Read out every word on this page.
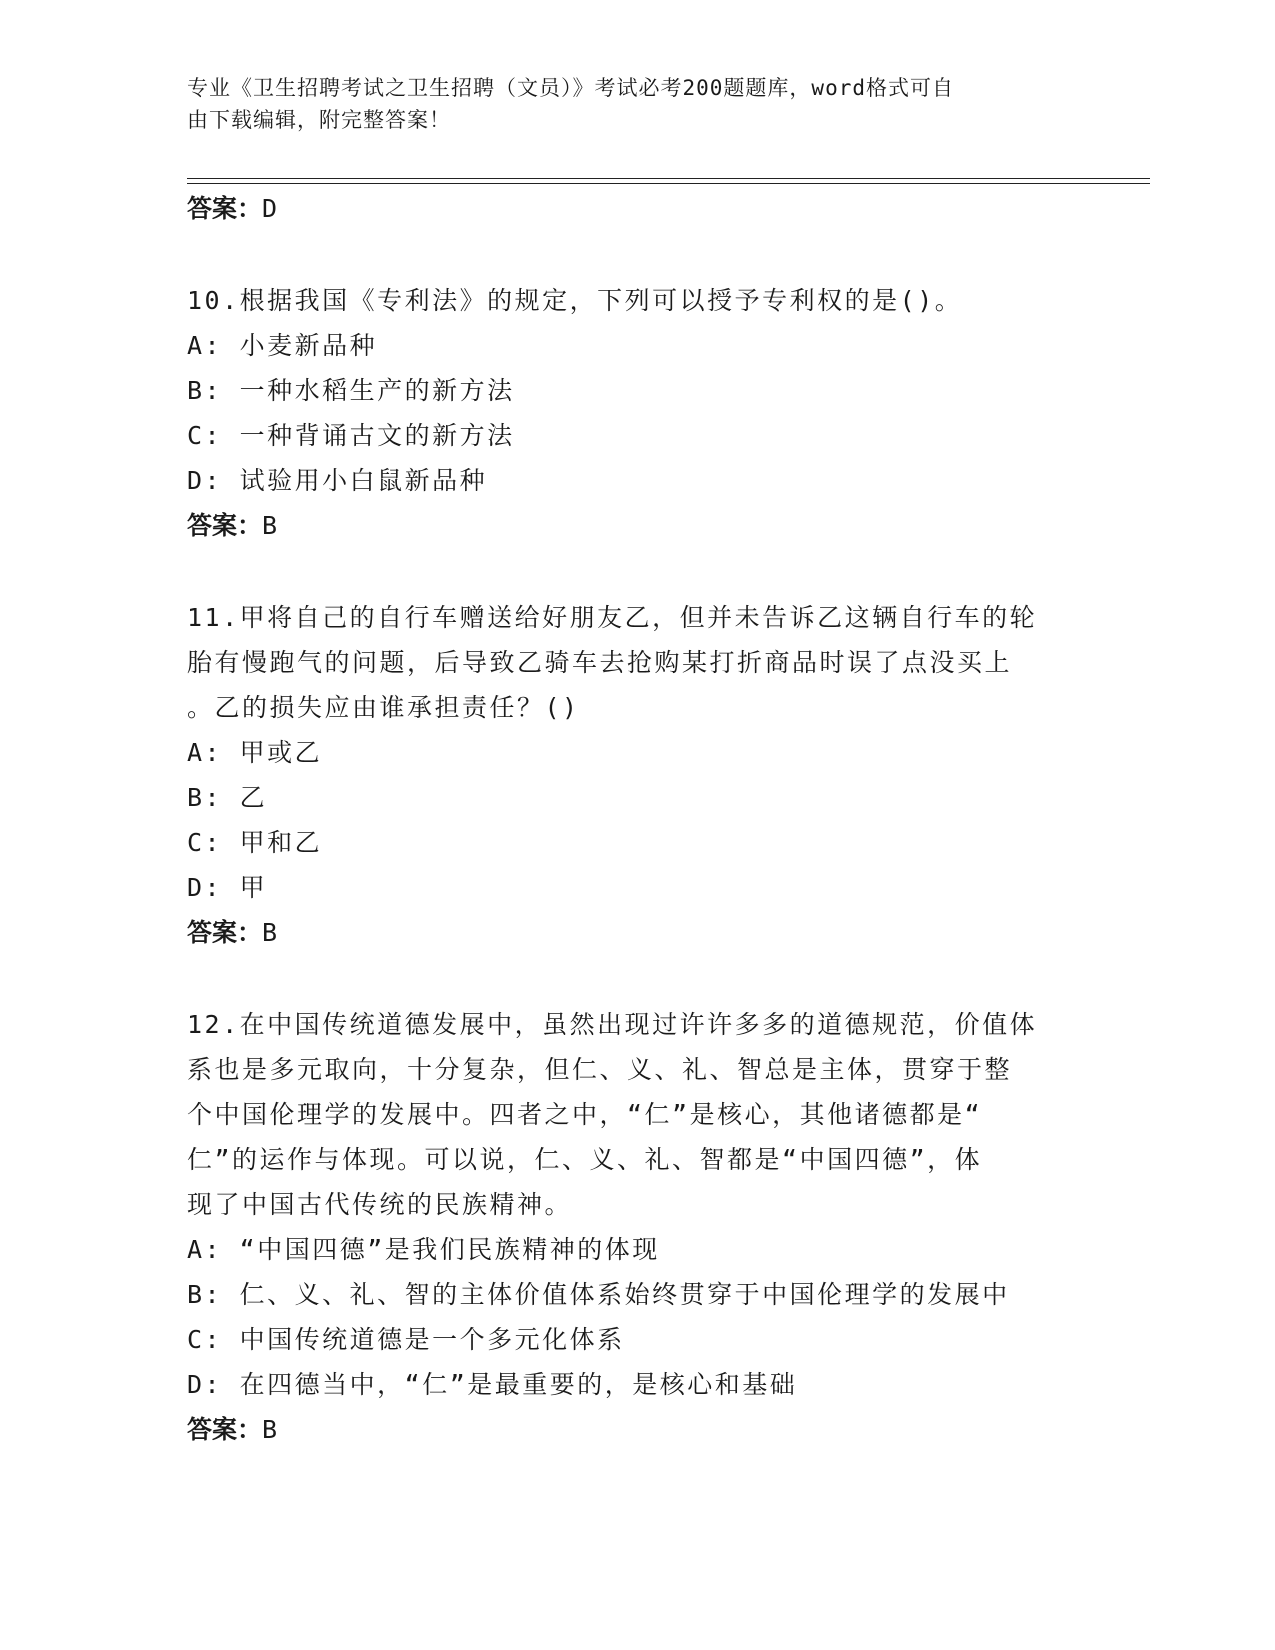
专业《卫生招聘考试之卫生招聘（文员）》考试必考200题题库，word格式可自
由下载编辑，附完整答案！
答案：D
10.根据我国《专利法》的规定，下列可以授予专利权的是()。
A: 小麦新品种
B: 一种水稻生产的新方法
C: 一种背诵古文的新方法
D: 试验用小白鼠新品种
答案：B
11.甲将自己的自行车赠送给好朋友乙，但并未告诉乙这辆自行车的轮
胎有慢跑气的问题，后导致乙骑车去抢购某打折商品时误了点没买上
。乙的损失应由谁承担责任？()
A: 甲或乙
B: 乙
C: 甲和乙
D: 甲
答案：B
12.在中国传统道德发展中，虽然出现过许许多多的道德规范，价值体
系也是多元取向，十分复杂，但仁、义、礼、智总是主体，贯穿于整
个中国伦理学的发展中。四者之中，“仁”是核心，其他诸德都是“
仁”的运作与体现。可以说，仁、义、礼、智都是“中国四德”，体
现了中国古代传统的民族精神。
A: “中国四德”是我们民族精神的体现
B: 仁、义、礼、智的主体价值体系始终贯穿于中国伦理学的发展中
C: 中国传统道德是一个多元化体系
D: 在四德当中，“仁”是最重要的，是核心和基础
答案：B
